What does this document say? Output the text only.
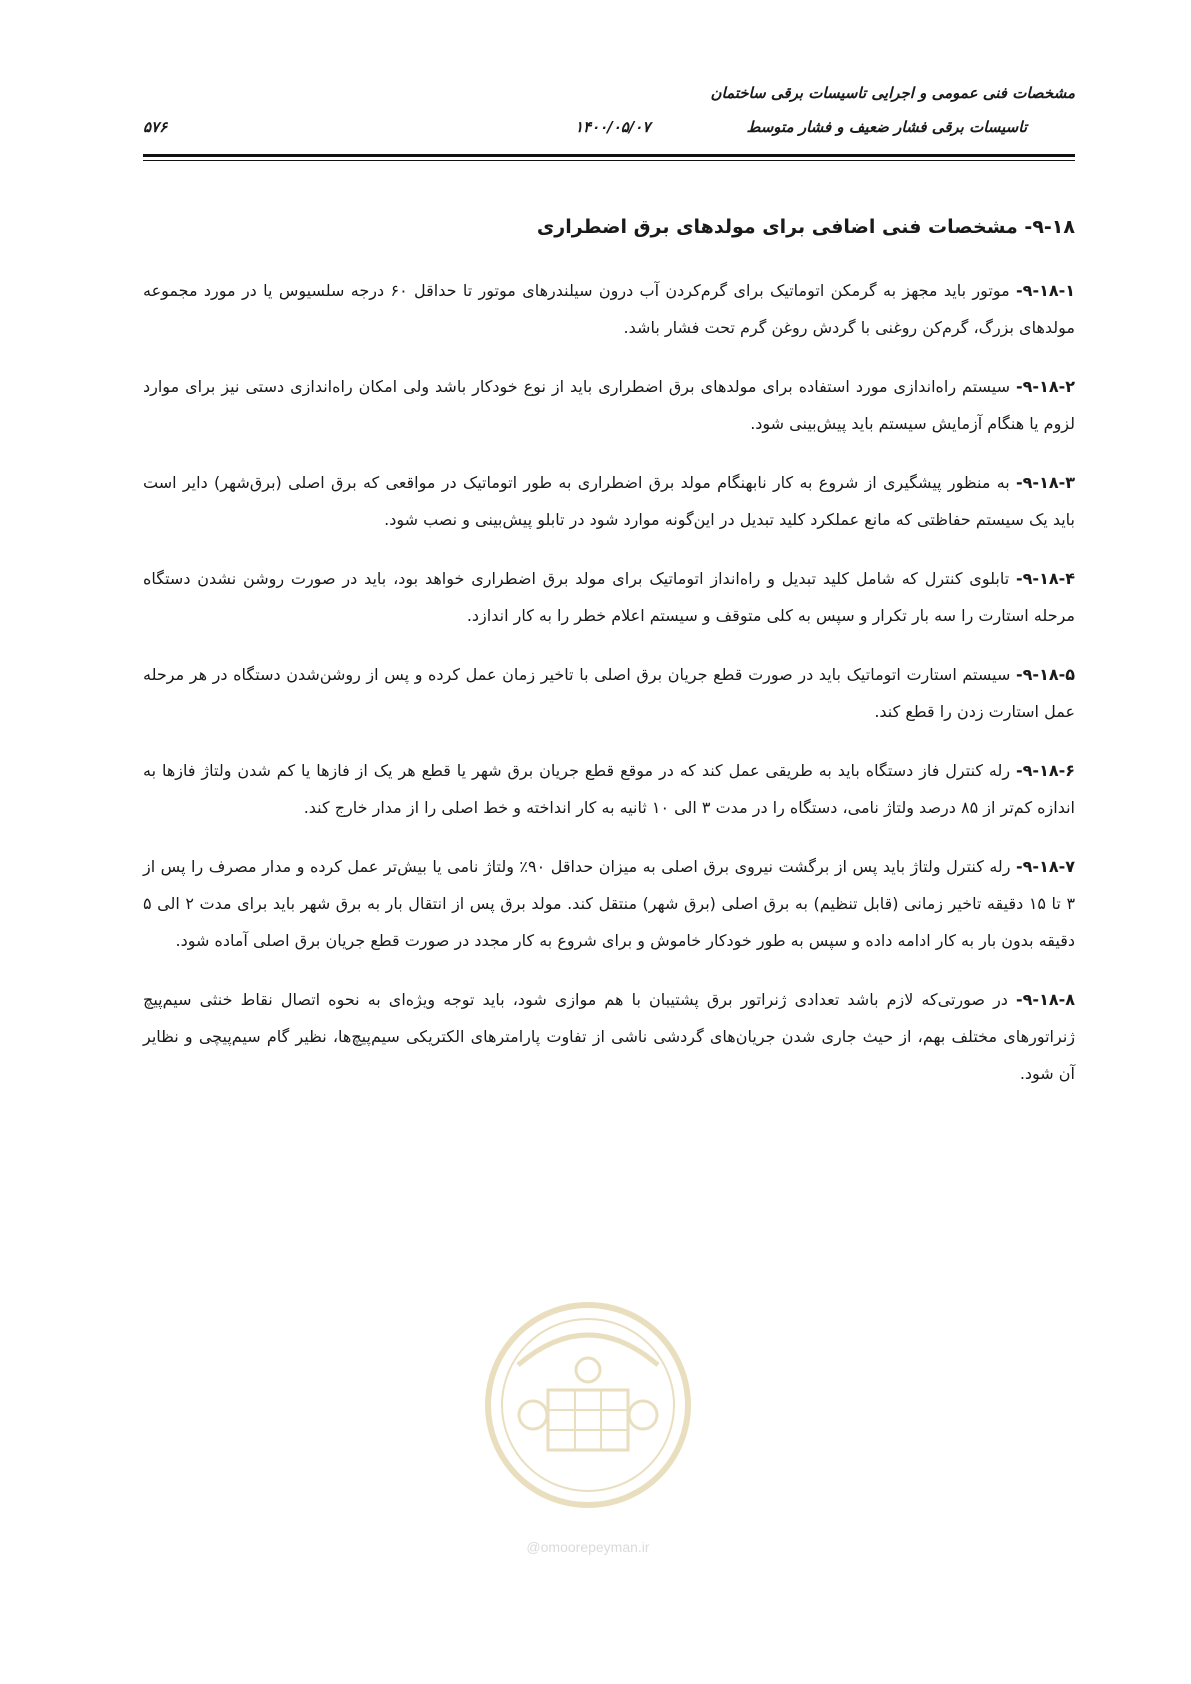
مشخصات فنی عمومی و اجرایی تاسیسات برقی ساختمان
تاسیسات برقی فشار ضعیف و فشار متوسط
۱۴۰۰/۰۵/۰۷
۵۷۶
۹-۱۸- مشخصات فنی اضافی برای مولدهای برق اضطراری

۹-۱۸-۱- موتور باید مجهز به گرمکن اتوماتیک برای گرم‌کردن آب درون سیلندرهای موتور تا حداقل ۶۰ درجه سلسیوس یا در مورد مجموعه مولدهای بزرگ، گرم‌کن روغنی با گردش روغن گرم تحت فشار باشد.

۹-۱۸-۲- سیستم راه‌اندازی مورد استفاده برای مولدهای برق اضطراری باید از نوع خودکار باشد ولی امکان راه‌اندازی دستی نیز برای موارد لزوم یا هنگام آزمایش سیستم باید پیش‌بینی شود.

۹-۱۸-۳- به منظور پیشگیری از شروع به کار نابهنگام مولد برق اضطراری به طور اتوماتیک در مواقعی که برق اصلی (برق‌شهر) دایر است باید یک سیستم حفاظتی که مانع عملکرد کلید تبدیل در این‌گونه موارد شود در تابلو پیش‌بینی و نصب شود.

۹-۱۸-۴- تابلوی کنترل که شامل کلید تبدیل و راه‌انداز اتوماتیک برای مولد برق اضطراری خواهد بود، باید در صورت روشن نشدن دستگاه مرحله استارت را سه بار تکرار و سپس به کلی متوقف و سیستم اعلام خطر را به کار اندازد.

۹-۱۸-۵- سیستم استارت اتوماتیک باید در صورت قطع جریان برق اصلی با تاخیر زمان عمل کرده و پس از روشن‌شدن دستگاه در هر مرحله عمل استارت زدن را قطع کند.

۹-۱۸-۶- رله کنترل فاز دستگاه باید به طریقی عمل کند که در موقع قطع جریان برق شهر یا قطع هر یک از فازها یا کم شدن ولتاژ فازها به اندازه کم‌تر از ۸۵ درصد ولتاژ نامی، دستگاه را در مدت ۳ الی ۱۰ ثانیه به کار انداخته و خط اصلی را از مدار خارج کند.

۹-۱۸-۷- رله کنترل ولتاژ باید پس از برگشت نیروی برق اصلی به میزان حداقل ۹۰٪ ولتاژ نامی یا بیش‌تر عمل کرده و مدار مصرف را پس از ۳ تا ۱۵ دقیقه تاخیر زمانی (قابل تنظیم) به برق اصلی (برق شهر) منتقل کند. مولد برق پس از انتقال بار به برق شهر باید برای مدت ۲ الی ۵ دقیقه بدون بار به کار ادامه داده و سپس به طور خودکار خاموش و برای شروع به کار مجدد در صورت قطع جریان برق اصلی آماده شود.

۹-۱۸-۸- در صورتی‌که لازم باشد تعدادی ژنراتور برق پشتیبان با هم موازی شود، باید توجه ویژه‌ای به نحوه اتصال نقاط خنثی سیم‌پیچ ژنراتورهای مختلف بهم، از حیث جاری شدن جریان‌های گردشی ناشی از تفاوت پارامترهای الکتریکی سیم‌پیچ‌ها، نظیر گام سیم‌پیچی و نظایر آن شود.

@omoorepeyman.ir
